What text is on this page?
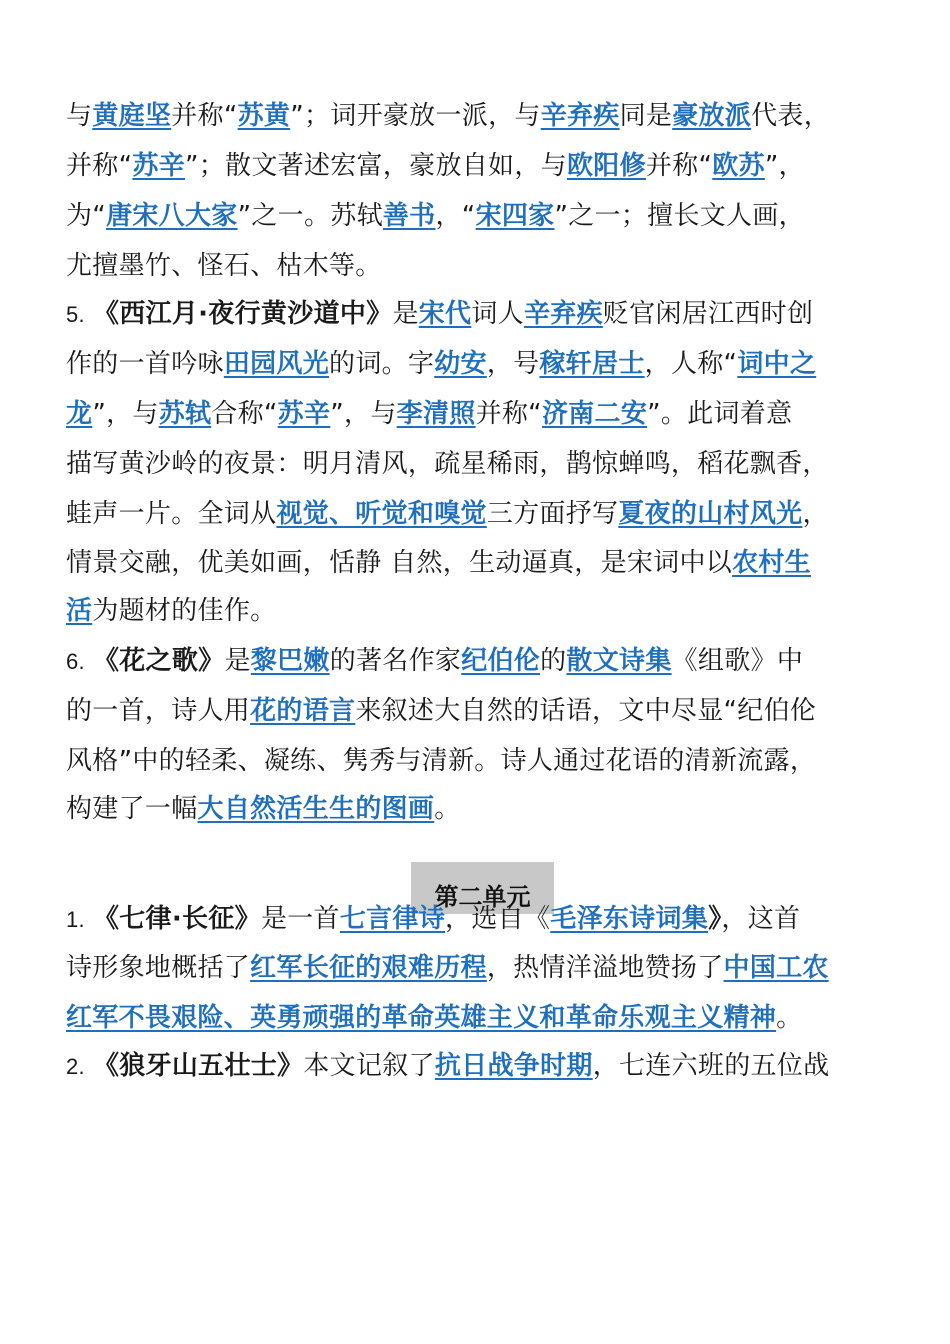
与黄庭坚并称“苏黄”；词开豪放一派，与辛弃疾同是豪放派代表，
并称“苏辛”；散文著述宏富，豪放自如，与欧阳修并称“欧苏”，
为“唐宋八大家”之一。苏轼善书，“宋四家”之一；擅长文人画，
尤擅墨竹、怪石、枯木等。
5. 《西江月·夜行黄沙道中》是宋代词人辛弃疾贬官闲居江西时创
作的一首吟咏田园风光的词。字幼安，号稼轩居士，人称“词中之
龙”，与苏轼合称“苏辛”，与李清照并称“济南二安”。此词着意
描写黄沙岭的夜景：明月清风，疏星稀雨，鹊惊蝉鸣，稻花飘香，
蛙声一片。全词从视觉、听觉和嗅觉三方面抒写夏夜的山村风光，
情景交融，优美如画，恬静 自然，生动逼真，是宋词中以农村生
活为题材的佳作。
6. 《花之歌》是黎巴嫩的著名作家纪伯伦的散文诗集《组歌》中
的一首，诗人用花的语言来叙述大自然的话语，文中尽显“纪伯伦
风格”中的轻柔、凝练、隽秀与清新。诗人通过花语的清新流露，
构建了一幅大自然活生生的图画。
第二单元
1. 《七律·长征》是一首七言律诗，选自《毛泽东诗词集》，这首
诗形象地概括了红军长征的艰难历程，热情洋溢地赞扬了中国工农
红军不畏艰险、英勇顽强的革命英雄主义和革命乐观主义精神。
2. 《狼牙山五壮士》本文记叙了抗日战争时期，七连六班的五位战
